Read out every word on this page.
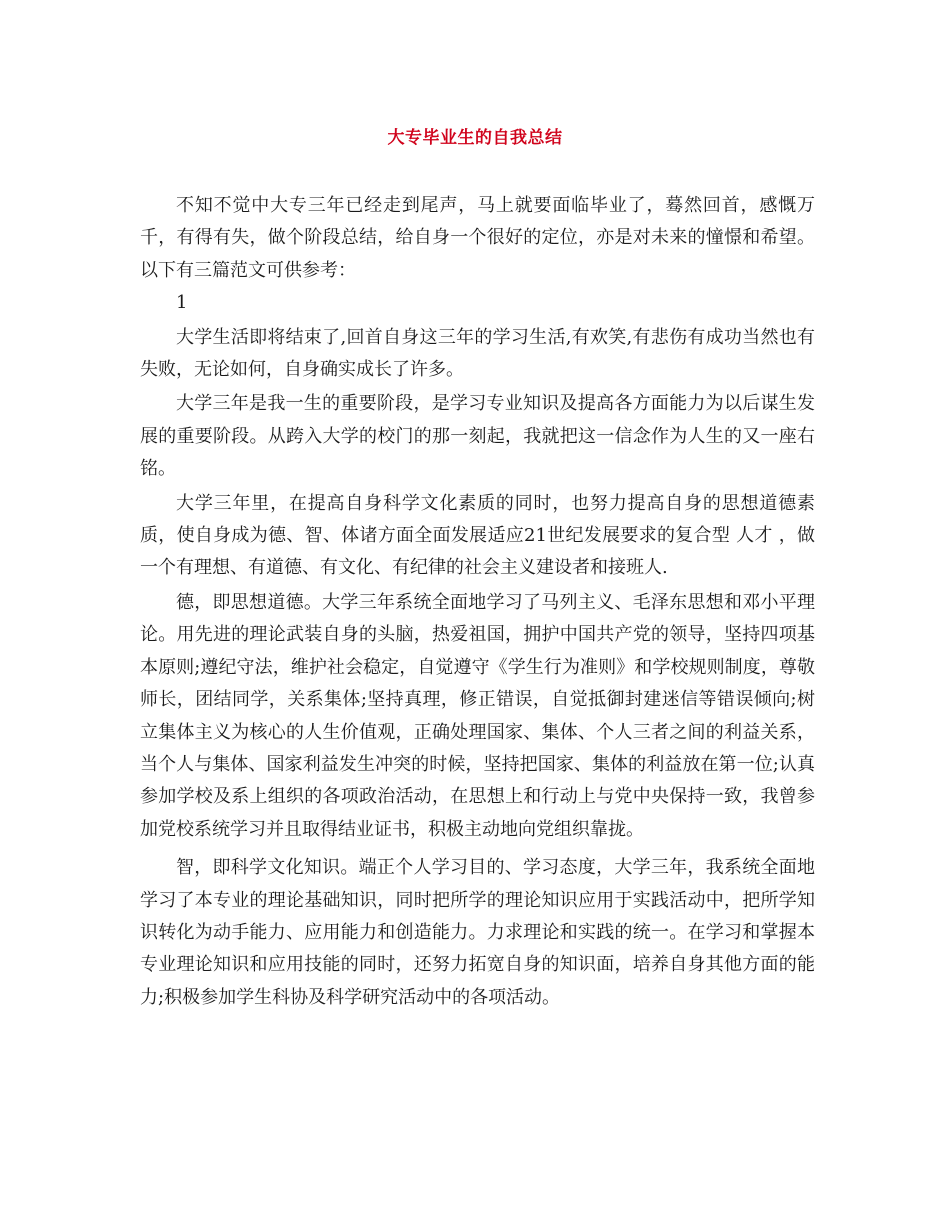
大专毕业生的自我总结

不知不觉中大专三年已经走到尾声，马上就要面临毕业了，蓦然回首，感慨万千，有得有失，做个阶段总结，给自身一个很好的定位，亦是对未来的憧憬和希望。以下有三篇范文可供参考：

1

大学生活即将结束了,回首自身这三年的学习生活,有欢笑,有悲伤有成功当然也有失败，无论如何，自身确实成长了许多。

大学三年是我一生的重要阶段，是学习专业知识及提高各方面能力为以后谋生发展的重要阶段。从跨入大学的校门的那一刻起，我就把这一信念作为人生的又一座右铭。

大学三年里，在提高自身科学文化素质的同时，也努力提高自身的思想道德素质，使自身成为德、智、体诸方面全面发展适应21世纪发展要求的复合型 人才 ，做一个有理想、有道德、有文化、有纪律的社会主义建设者和接班人.

德，即思想道德。大学三年系统全面地学习了马列主义、毛泽东思想和邓小平理论。用先进的理论武装自身的头脑，热爱祖国，拥护中国共产党的领导，坚持四项基本原则;遵纪守法，维护社会稳定，自觉遵守《学生行为准则》和学校规则制度，尊敬师长，团结同学，关系集体;坚持真理，修正错误，自觉抵御封建迷信等错误倾向;树立集体主义为核心的人生价值观，正确处理国家、集体、个人三者之间的利益关系，当个人与集体、国家利益发生冲突的时候，坚持把国家、集体的利益放在第一位;认真参加学校及系上组织的各项政治活动，在思想上和行动上与党中央保持一致，我曾参加党校系统学习并且取得结业证书，积极主动地向党组织靠拢。

智，即科学文化知识。端正个人学习目的、学习态度，大学三年，我系统全面地学习了本专业的理论基础知识，同时把所学的理论知识应用于实践活动中，把所学知识转化为动手能力、应用能力和创造能力。力求理论和实践的统一。在学习和掌握本专业理论知识和应用技能的同时，还努力拓宽自身的知识面，培养自身其他方面的能力;积极参加学生科协及科学研究活动中的各项活动。
